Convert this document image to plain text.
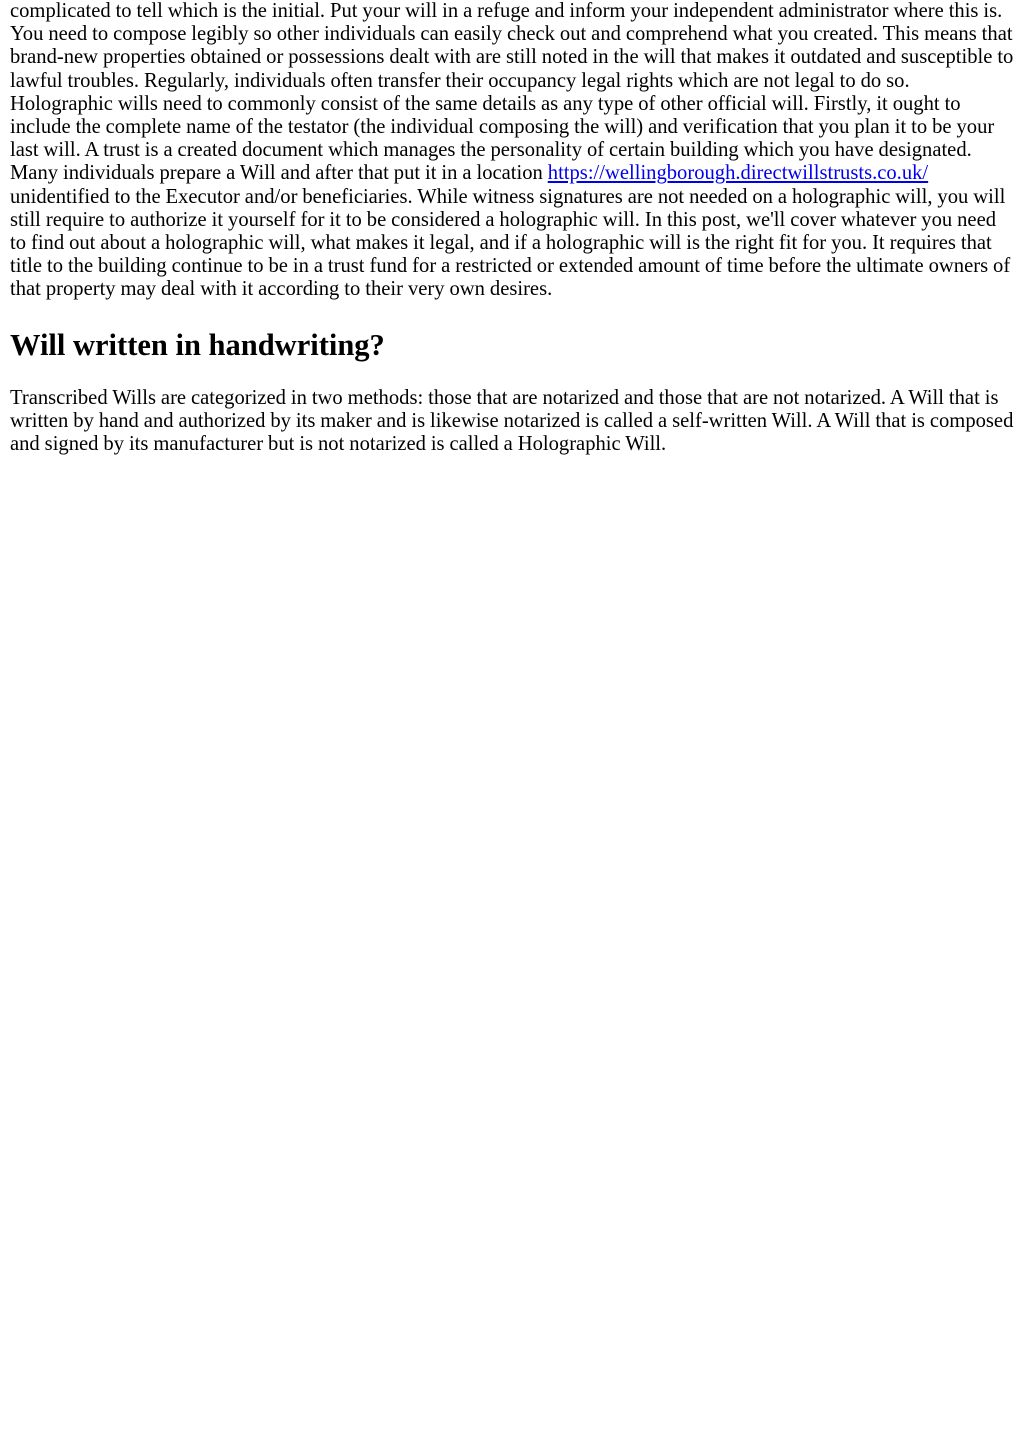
complicated to tell which is the initial. Put your will in a refuge and inform your independent administrator where this is. You need to compose legibly so other individuals can easily check out and comprehend what you created. This means that brand-new properties obtained or possessions dealt with are still noted in the will that makes it outdated and susceptible to lawful troubles. Regularly, individuals often transfer their occupancy legal rights which are not legal to do so. Holographic wills need to commonly consist of the same details as any type of other official will. Firstly, it ought to include the complete name of the testator (the individual composing the will) and verification that you plan it to be your last will. A trust is a created document which manages the personality of certain building which you have designated. Many individuals prepare a Will and after that put it in a location https://wellingborough.directwillstrusts.co.uk/ unidentified to the Executor and/or beneficiaries. While witness signatures are not needed on a holographic will, you will still require to authorize it yourself for it to be considered a holographic will. In this post, we'll cover whatever you need to find out about a holographic will, what makes it legal, and if a holographic will is the right fit for you. It requires that title to the building continue to be in a trust fund for a restricted or extended amount of time before the ultimate owners of that property may deal with it according to their very own desires.

Will written in handwriting?

Transcribed Wills are categorized in two methods: those that are notarized and those that are not notarized. A Will that is written by hand and authorized by its maker and is likewise notarized is called a self-written Will. A Will that is composed and signed by its manufacturer but is not notarized is called a Holographic Will.
